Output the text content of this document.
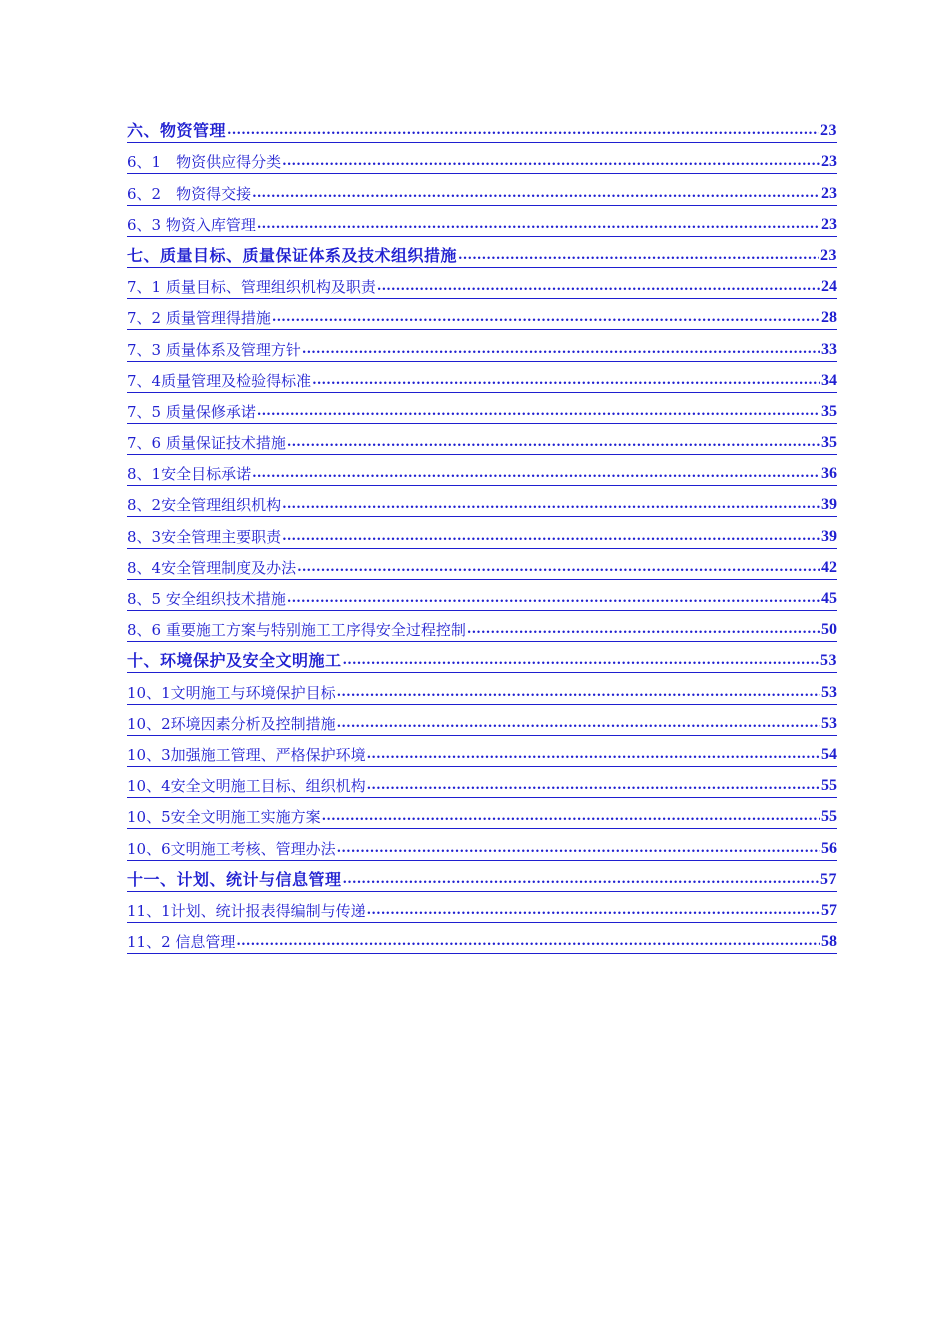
六、物资管理 .....	23
6、1　物资供应得分类 .....	23
6、2　物资得交接 .....	23
6、3 物资入库管理 .....	23
七、质量目标、质量保证体系及技术组织措施 .....	23
7、1 质量目标、管理组织机构及职责 .....	24
7、2 质量管理得措施 .....	28
7、3 质量体系及管理方针 .....	33
7、4质量管理及检验得标准 .....	34
7、5 质量保修承诺 .....	35
7、6 质量保证技术措施 .....	35
8、1安全目标承诺 .....	36
8、2安全管理组织机构 .....	39
8、3安全管理主要职责 .....	39
8、4安全管理制度及办法 .....	42
8、5 安全组织技术措施 .....	45
8、6 重要施工方案与特别施工工序得安全过程控制 .....	50
十、环境保护及安全文明施工 .....	53
10、1文明施工与环境保护目标 .....	53
10、2环境因素分析及控制措施 .....	53
10、3加强施工管理、严格保护环境 .....	54
10、4安全文明施工目标、组织机构 .....	55
10、5安全文明施工实施方案 .....	55
10、6文明施工考核、管理办法 .....	56
十一、计划、统计与信息管理 .....	57
11、1计划、统计报表得编制与传递 .....	57
11、2 信息管理 .....	58
